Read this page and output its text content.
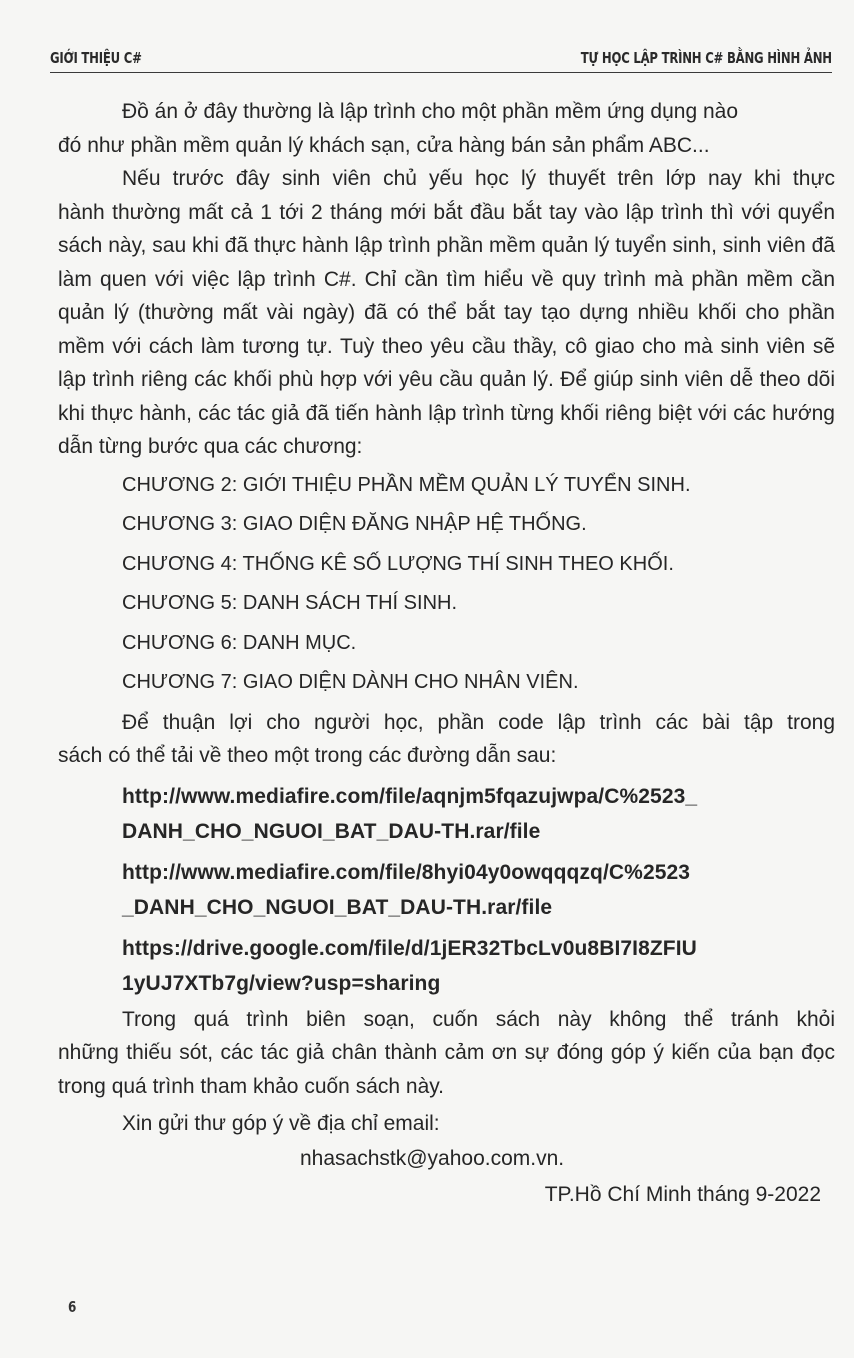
GIỚI THIỆU C#	TỰ HỌC LẬP TRÌNH C# BẰNG HÌNH ẢNH

Đồ án ở đây thường là lập trình cho một phần mềm ứng dụng nào

đó như phần mềm quản lý khách sạn, cửa hàng bán sản phẩm ABC...

Nếu trước đây sinh viên chủ yếu học lý thuyết trên lớp nay khi thực

hành thường mất cả 1 tới 2 tháng mới bắt đầu bắt tay vào lập trình thì với quyển sách này, sau khi đã thực hành lập trình phần mềm quản lý tuyển sinh, sinh viên đã làm quen với việc lập trình C#. Chỉ cần tìm hiểu về quy trình mà phần mềm cần quản lý (thường mất vài ngày) đã có thể bắt tay tạo dựng nhiều khối cho phần mềm với cách làm tương tự. Tuỳ theo yêu cầu thầy, cô giao cho mà sinh viên sẽ lập trình riêng các khối phù hợp với yêu cầu quản lý. Để giúp sinh viên dễ theo dõi khi thực hành, các tác giả đã tiến hành lập trình từng khối riêng biệt với các hướng dẫn từng bước qua các chương:

CHƯƠNG 2: GIỚI THIỆU PHẦN MỀM QUẢN LÝ TUYỂN SINH.

CHƯƠNG 3: GIAO DIỆN ĐĂNG NHẬP HỆ THỐNG.

CHƯƠNG 4: THỐNG KÊ SỐ LƯỢNG THÍ SINH THEO KHỐI.

CHƯƠNG 5: DANH SÁCH THÍ SINH.

CHƯƠNG 6: DANH MỤC.

CHƯƠNG 7: GIAO DIỆN DÀNH CHO NHÂN VIÊN.

Để thuận lợi cho người học, phần code lập trình các bài tập trong

sách có thể tải về theo một trong các đường dẫn sau:

http://www.mediafire.com/file/aqnjm5fqazujwpa/C%2523_

DANH_CHO_NGUOI_BAT_DAU-TH.rar/file

http://www.mediafire.com/file/8hyi04y0owqqqzq/C%2523

_DANH_CHO_NGUOI_BAT_DAU-TH.rar/file

https://drive.google.com/file/d/1jER32TbcLv0u8BI7I8ZFIU

1yUJ7XTb7g/view?usp=sharing

Trong quá trình biên soạn, cuốn sách này không thể tránh khỏi

những thiếu sót, các tác giả chân thành cảm ơn sự đóng góp ý kiến của bạn đọc trong quá trình tham khảo cuốn sách này.

Xin gửi thư góp ý về địa chỉ email:

nhasachstk@yahoo.com.vn.

TP.Hồ Chí Minh tháng 9-2022

6
